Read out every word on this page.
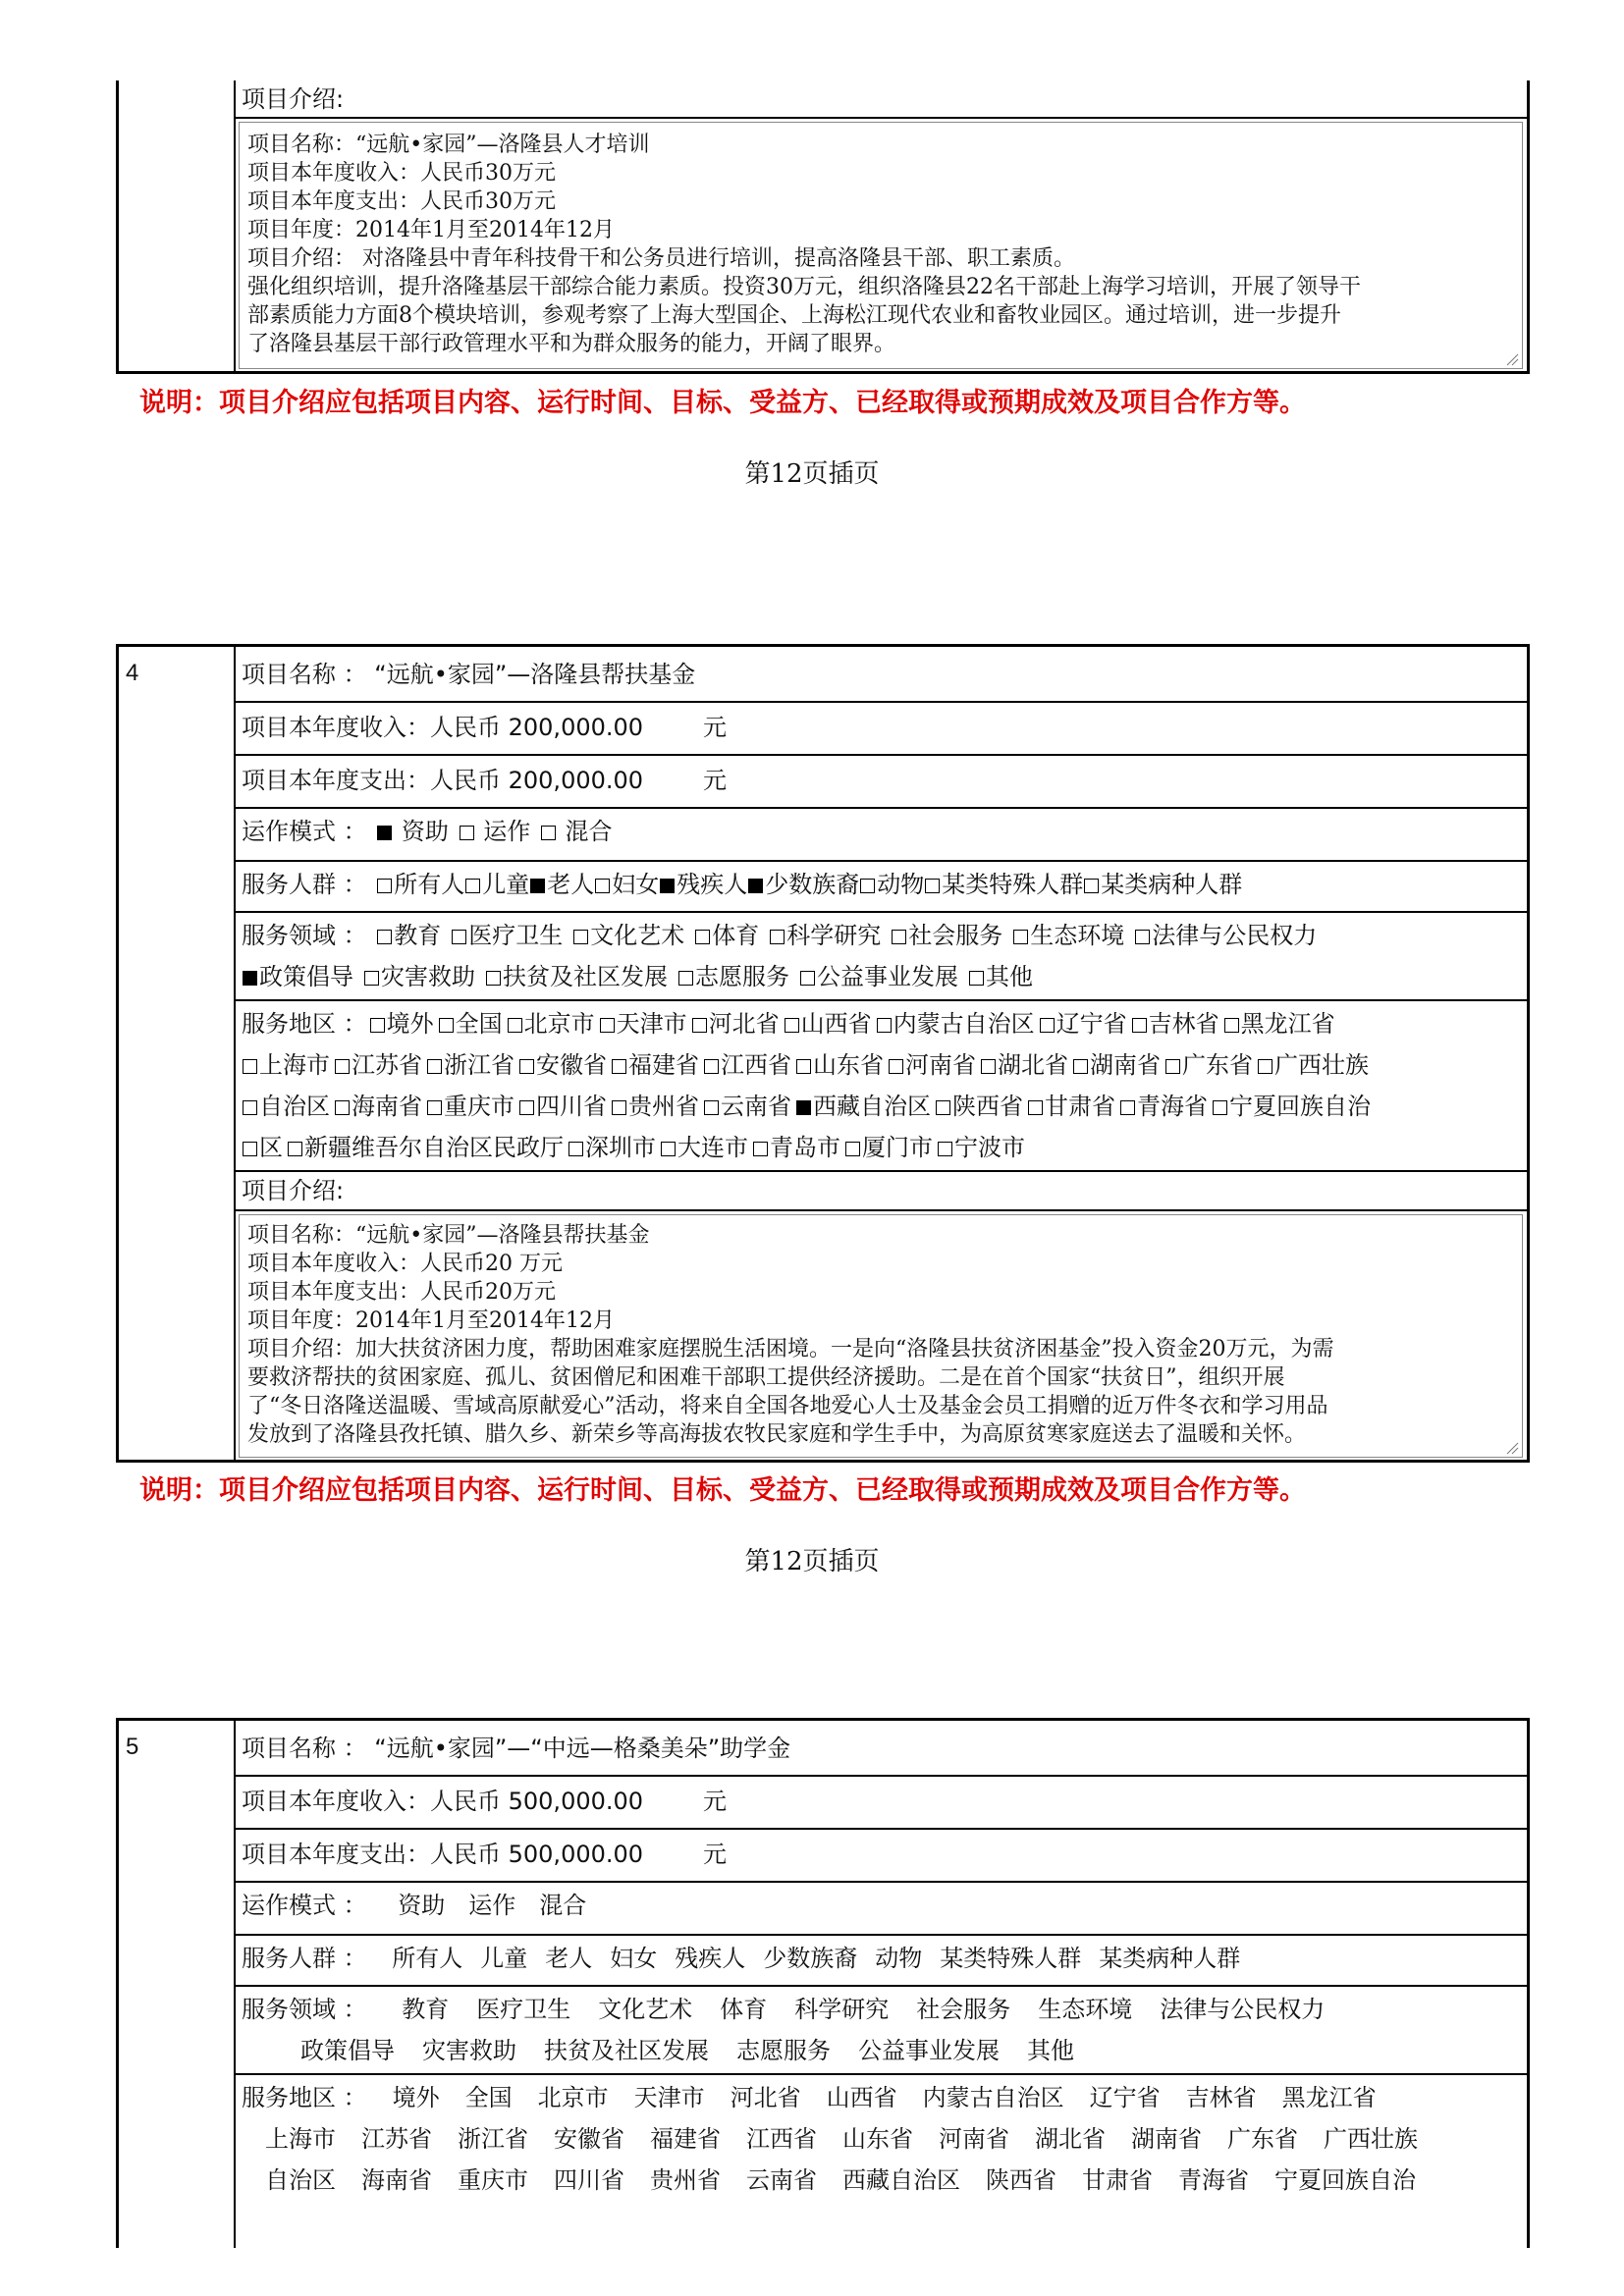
项目介绍:
项目名称：“远航•家园”—洛隆县人才培训
项目本年度收入：人民币30万元
项目本年度支出：人民币30万元
项目年度：2014年1月至2014年12月
项目介绍： 对洛隆县中青年科技骨干和公务员进行培训，提高洛隆县干部、职工素质。
强化组织培训，提升洛隆基层干部综合能力素质。投资30万元，组织洛隆县22名干部赴上海学习培训，开展了领导干
部素质能力方面8个模块培训，参观考察了上海大型国企、上海松江现代农业和畜牧业园区。通过培训，进一步提升
了洛隆县基层干部行政管理水平和为群众服务的能力，开阔了眼界。
说明：项目介绍应包括项目内容、运行时间、目标、受益方、已经取得或预期成效及项目合作方等。
第12页插页
4	项目名称 ： “远航•家园”—洛隆县帮扶基金
项目本年度收入：人民币 200,000.00	元
项目本年度支出：人民币 200,000.00	元
运作模式 ： 资助 运作 混合
服务人群 ： 所有人 儿童 老人 妇女 残疾人 少数族裔 动物 某类特殊人群 某类病种人群
服务领域 ： 教育 医疗卫生 文化艺术 体育 科学研究 社会服务 生态环境 法律与公民权力
政策倡导 灾害救助 扶贫及社区发展 志愿服务 公益事业发展 其他
服务地区 ： 境外 全国 北京市 天津市 河北省 山西省 内蒙古自治区 辽宁省 吉林省 黑龙江省
上海市 江苏省 浙江省 安徽省 福建省 江西省 山东省 河南省 湖北省 湖南省 广东省 广西壮族
自治区 海南省 重庆市 四川省 贵州省 云南省 西藏自治区 陕西省 甘肃省 青海省 宁夏回族自治
区 新疆维吾尔自治区民政厅 深圳市 大连市 青岛市 厦门市 宁波市
项目介绍:
项目名称：“远航•家园”—洛隆县帮扶基金
项目本年度收入：人民币20 万元
项目本年度支出：人民币20万元
项目年度：2014年1月至2014年12月
项目介绍：加大扶贫济困力度，帮助困难家庭摆脱生活困境。一是向“洛隆县扶贫济困基金”投入资金20万元，为需
要救济帮扶的贫困家庭、孤儿、贫困僧尼和困难干部职工提供经济援助。二是在首个国家“扶贫日”，组织开展
了“冬日洛隆送温暖、雪域高原献爱心”活动，将来自全国各地爱心人士及基金会员工捐赠的近万件冬衣和学习用品
发放到了洛隆县孜托镇、腊久乡、新荣乡等高海拔农牧民家庭和学生手中，为高原贫寒家庭送去了温暖和关怀。
说明：项目介绍应包括项目内容、运行时间、目标、受益方、已经取得或预期成效及项目合作方等。
第12页插页
5	项目名称 ： “远航•家园”—“中远—格桑美朵”助学金
项目本年度收入：人民币 500,000.00	元
项目本年度支出：人民币 500,000.00	元
运作模式 ： 资助 运作 混合
服务人群 ： 所有人 儿童 老人 妇女 残疾人 少数族裔 动物 某类特殊人群 某类病种人群
服务领域 ： 教育 医疗卫生 文化艺术 体育 科学研究 社会服务 生态环境 法律与公民权力
政策倡导 灾害救助 扶贫及社区发展 志愿服务 公益事业发展 其他
服务地区 ： 境外 全国 北京市 天津市 河北省 山西省 内蒙古自治区 辽宁省 吉林省 黑龙江省
上海市 江苏省 浙江省 安徽省 福建省 江西省 山东省 河南省 湖北省 湖南省 广东省 广西壮族
自治区 海南省 重庆市 四川省 贵州省 云南省 西藏自治区 陕西省 甘肃省 青海省 宁夏回族自治
